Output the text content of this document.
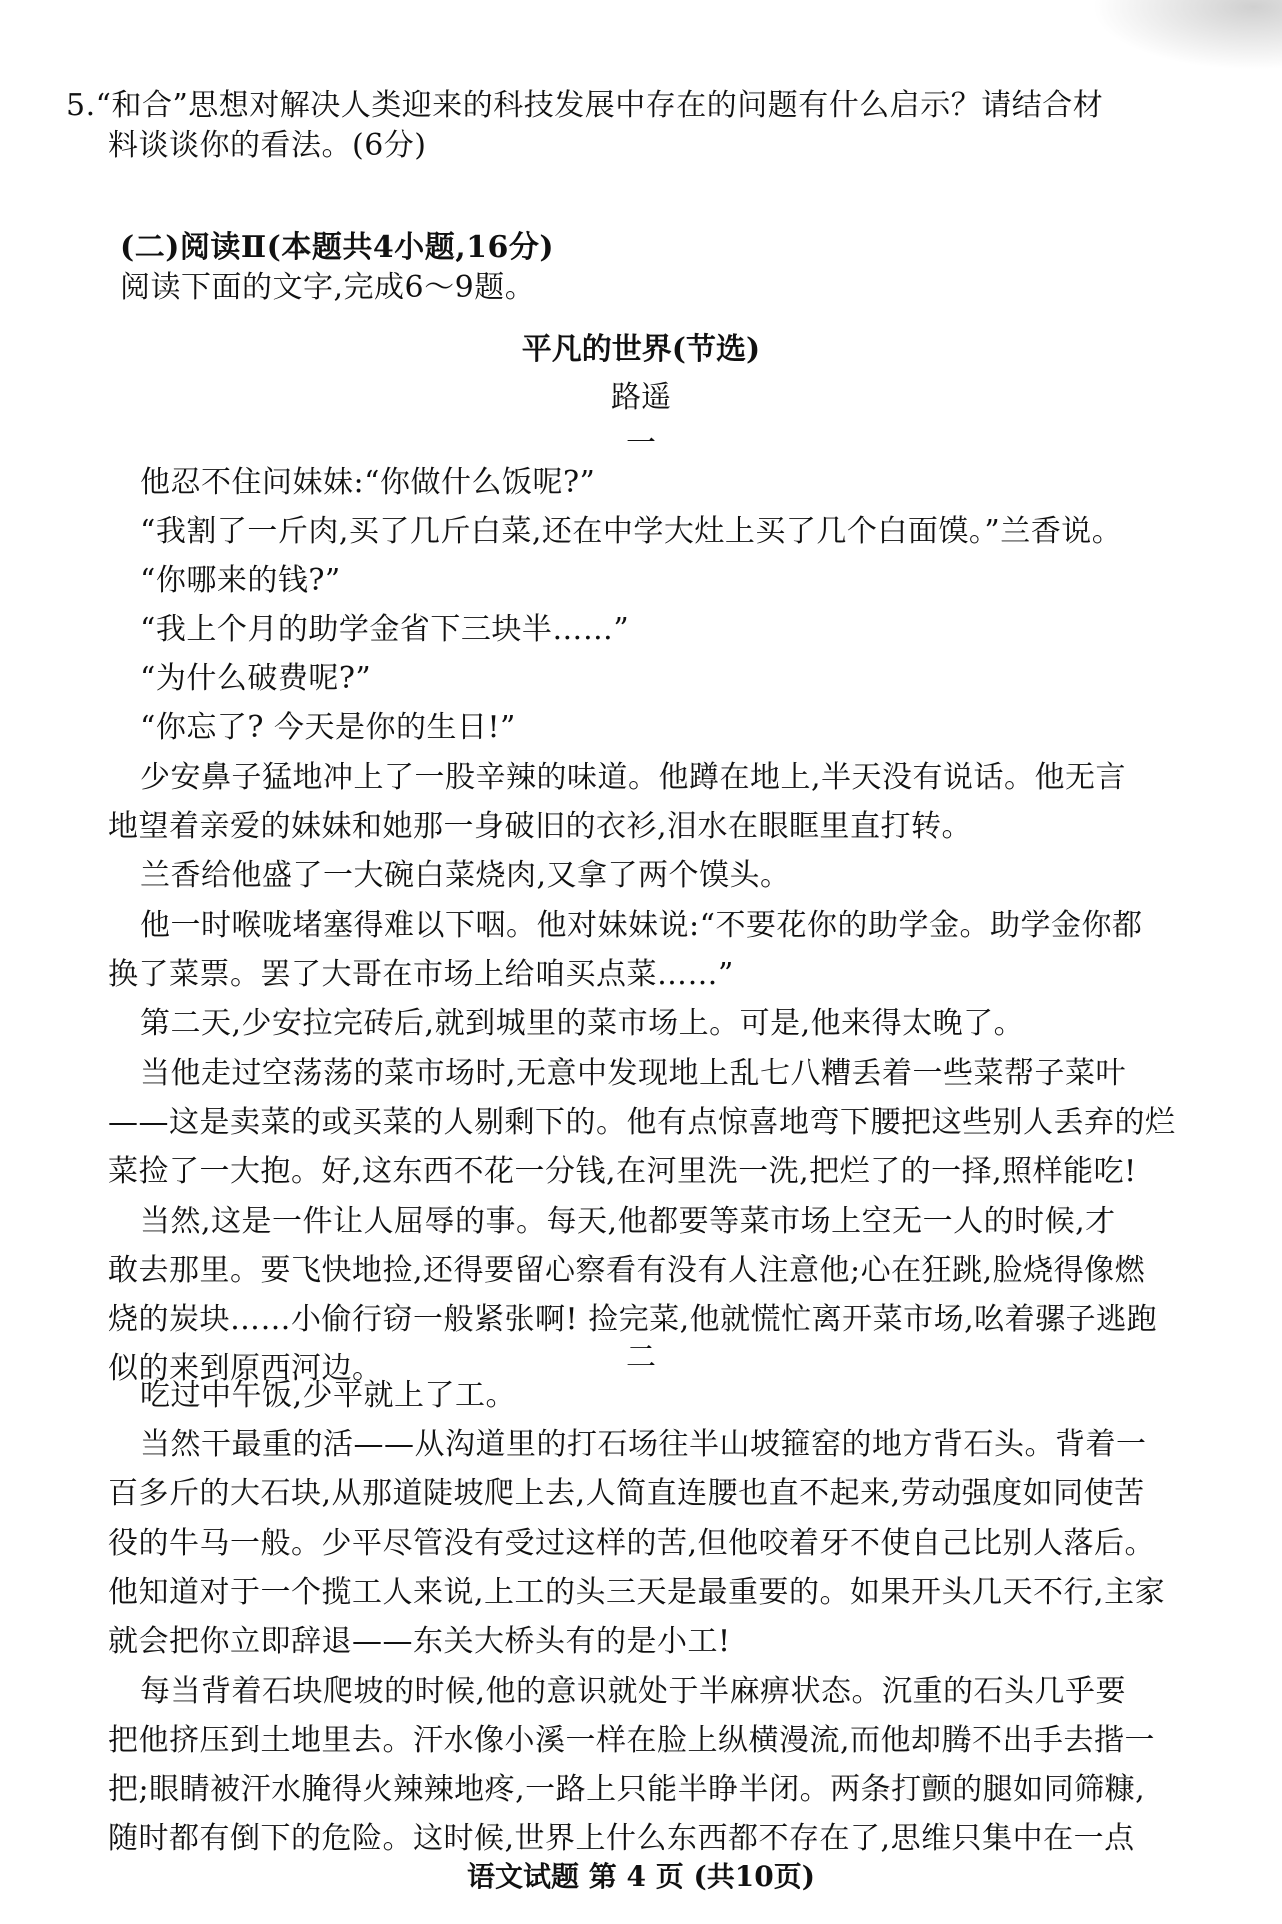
5.“和合”思想对解决人类迎来的科技发展中存在的问题有什么启示？请结合材
料谈谈你的看法。(6分)
(二)阅读Ⅱ(本题共4小题,16分)
阅读下面的文字,完成6～9题。
平凡的世界(节选)
路遥
一
他忍不住问妹妹:“你做什么饭呢?”
“我割了一斤肉,买了几斤白菜,还在中学大灶上买了几个白面馍。”兰香说。
“你哪来的钱?”
“我上个月的助学金省下三块半……”
“为什么破费呢?”
“你忘了? 今天是你的生日!”
少安鼻子猛地冲上了一股辛辣的味道。他蹲在地上,半天没有说话。他无言
地望着亲爱的妹妹和她那一身破旧的衣衫,泪水在眼眶里直打转。
兰香给他盛了一大碗白菜烧肉,又拿了两个馍头。
他一时喉咙堵塞得难以下咽。他对妹妹说:“不要花你的助学金。助学金你都
换了菜票。罢了大哥在市场上给咱买点菜……”
第二天,少安拉完砖后,就到城里的菜市场上。可是,他来得太晚了。
当他走过空荡荡的菜市场时,无意中发现地上乱七八糟丢着一些菜帮子菜叶
——这是卖菜的或买菜的人剔剩下的。他有点惊喜地弯下腰把这些别人丢弃的烂
菜捡了一大抱。好,这东西不花一分钱,在河里洗一洗,把烂了的一择,照样能吃!
当然,这是一件让人屈辱的事。每天,他都要等菜市场上空无一人的时候,才
敢去那里。要飞快地捡,还得要留心察看有没有人注意他;心在狂跳,脸烧得像燃
烧的炭块……小偷行窃一般紧张啊! 捡完菜,他就慌忙离开菜市场,吆着骡子逃跑
似的来到原西河边。	二
吃过中午饭,少平就上了工。
当然干最重的活——从沟道里的打石场往半山坡箍窑的地方背石头。背着一
百多斤的大石块,从那道陡坡爬上去,人简直连腰也直不起来,劳动强度如同使苦
役的牛马一般。少平尽管没有受过这样的苦,但他咬着牙不使自己比别人落后。
他知道对于一个揽工人来说,上工的头三天是最重要的。如果开头几天不行,主家
就会把你立即辞退——东关大桥头有的是小工!
每当背着石块爬坡的时候,他的意识就处于半麻痹状态。沉重的石头几乎要
把他挤压到土地里去。汗水像小溪一样在脸上纵横漫流,而他却腾不出手去揩一
把;眼睛被汗水腌得火辣辣地疼,一路上只能半睁半闭。两条打颤的腿如同筛糠,
随时都有倒下的危险。这时候,世界上什么东西都不存在了,思维只集中在一点
语文试题 第 4 页 (共10页)
